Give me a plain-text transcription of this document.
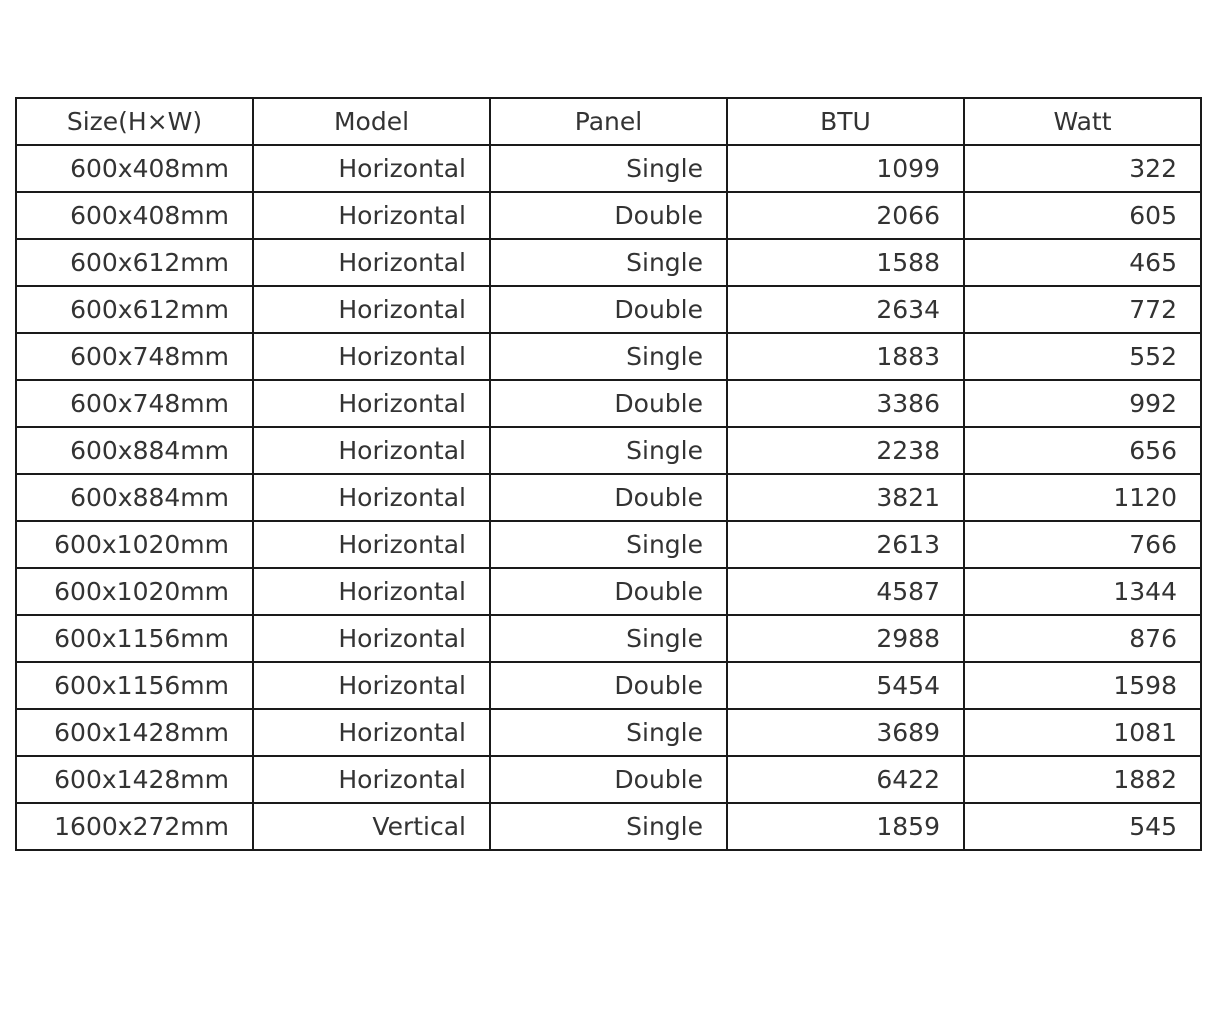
Size(H×W)	Model	Panel	BTU	Watt
600x408mm	Horizontal	Single	1099	322
600x408mm	Horizontal	Double	2066	605
600x612mm	Horizontal	Single	1588	465
600x612mm	Horizontal	Double	2634	772
600x748mm	Horizontal	Single	1883	552
600x748mm	Horizontal	Double	3386	992
600x884mm	Horizontal	Single	2238	656
600x884mm	Horizontal	Double	3821	1120
600x1020mm	Horizontal	Single	2613	766
600x1020mm	Horizontal	Double	4587	1344
600x1156mm	Horizontal	Single	2988	876
600x1156mm	Horizontal	Double	5454	1598
600x1428mm	Horizontal	Single	3689	1081
600x1428mm	Horizontal	Double	6422	1882
1600x272mm	Vertical	Single	1859	545
